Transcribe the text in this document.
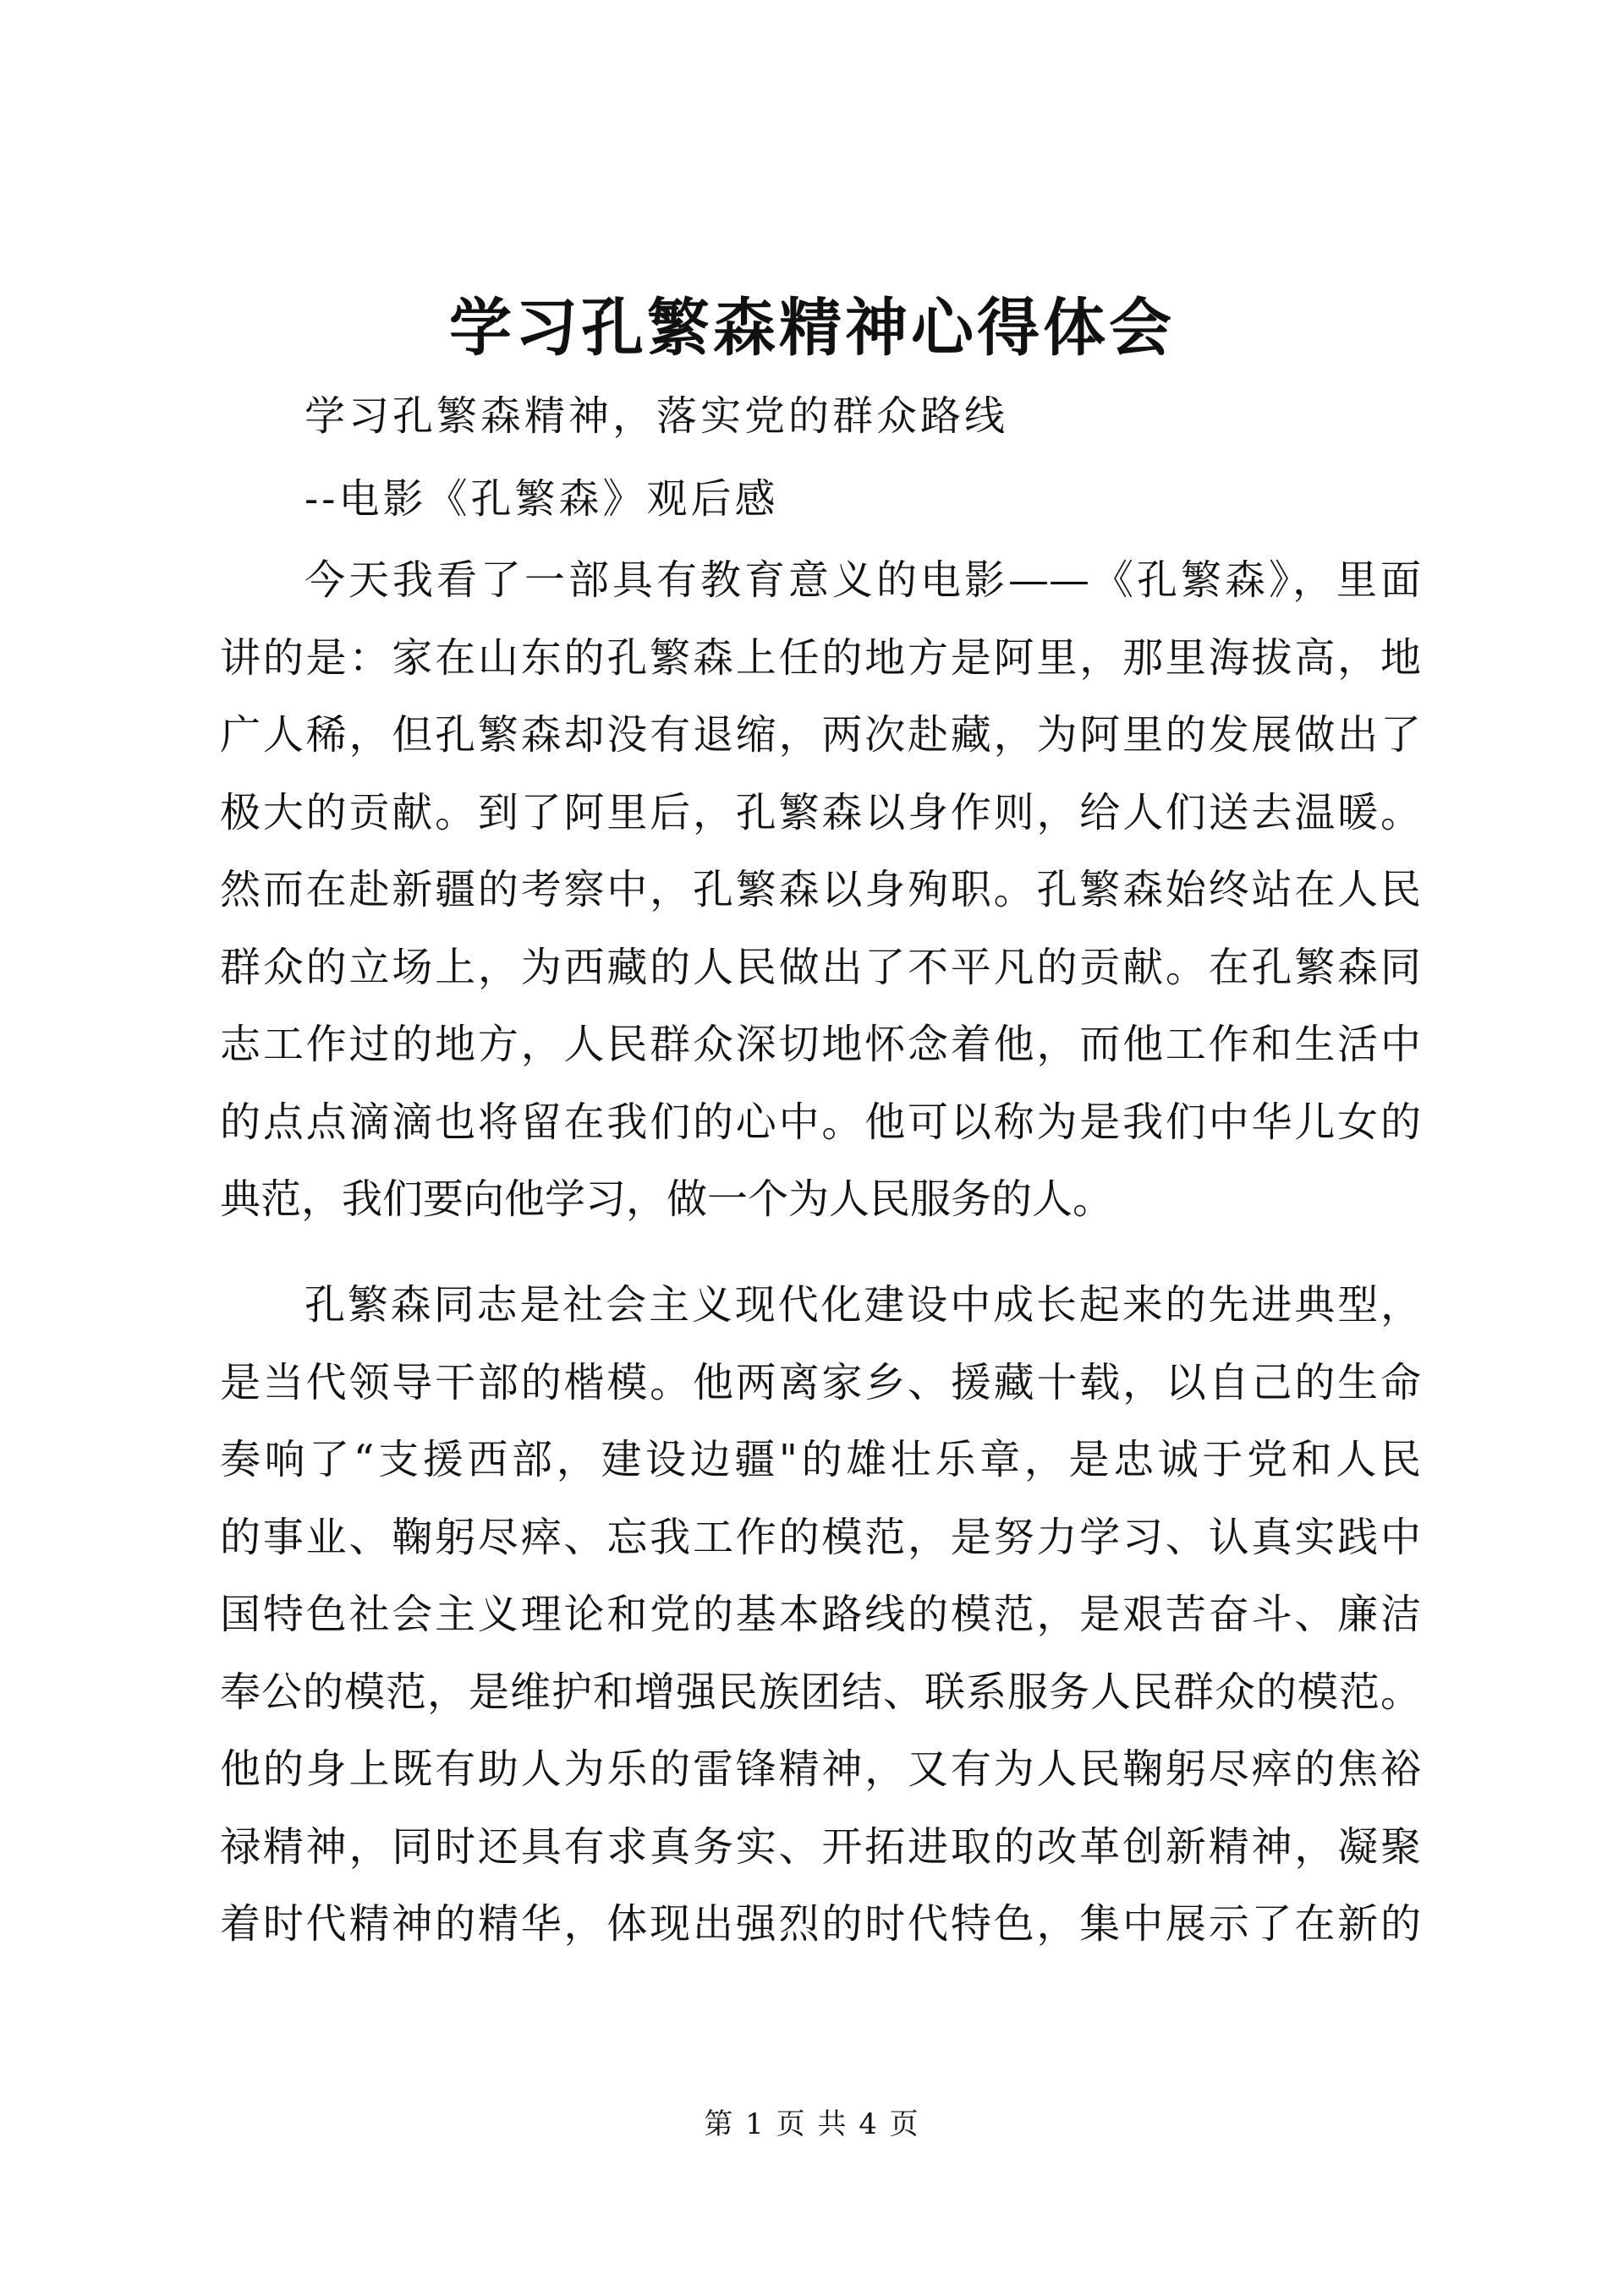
学习孔繁森精神心得体会

学习孔繁森精神，落实党的群众路线

--电影《孔繁森》观后感

今天我看了一部具有教育意义的电影——《孔繁森》，里面
讲的是：家在山东的孔繁森上任的地方是阿里，那里海拔高，地
广人稀，但孔繁森却没有退缩，两次赴藏，为阿里的发展做出了
极大的贡献。到了阿里后，孔繁森以身作则，给人们送去温暖。
然而在赴新疆的考察中，孔繁森以身殉职。孔繁森始终站在人民
群众的立场上，为西藏的人民做出了不平凡的贡献。在孔繁森同
志工作过的地方，人民群众深切地怀念着他，而他工作和生活中
的点点滴滴也将留在我们的心中。他可以称为是我们中华儿女的
典范，我们要向他学习，做一个为人民服务的人。
孔繁森同志是社会主义现代化建设中成长起来的先进典型，
是当代领导干部的楷模。他两离家乡、援藏十载，以自己的生命
奏响了“支援西部，建设边疆"的雄壮乐章，是忠诚于党和人民
的事业、鞠躬尽瘁、忘我工作的模范，是努力学习、认真实践中
国特色社会主义理论和党的基本路线的模范，是艰苦奋斗、廉洁
奉公的模范，是维护和增强民族团结、联系服务人民群众的模范。
他的身上既有助人为乐的雷锋精神，又有为人民鞠躬尽瘁的焦裕
禄精神，同时还具有求真务实、开拓进取的改革创新精神，凝聚
着时代精神的精华，体现出强烈的时代特色，集中展示了在新的
第 1 页 共 4 页
